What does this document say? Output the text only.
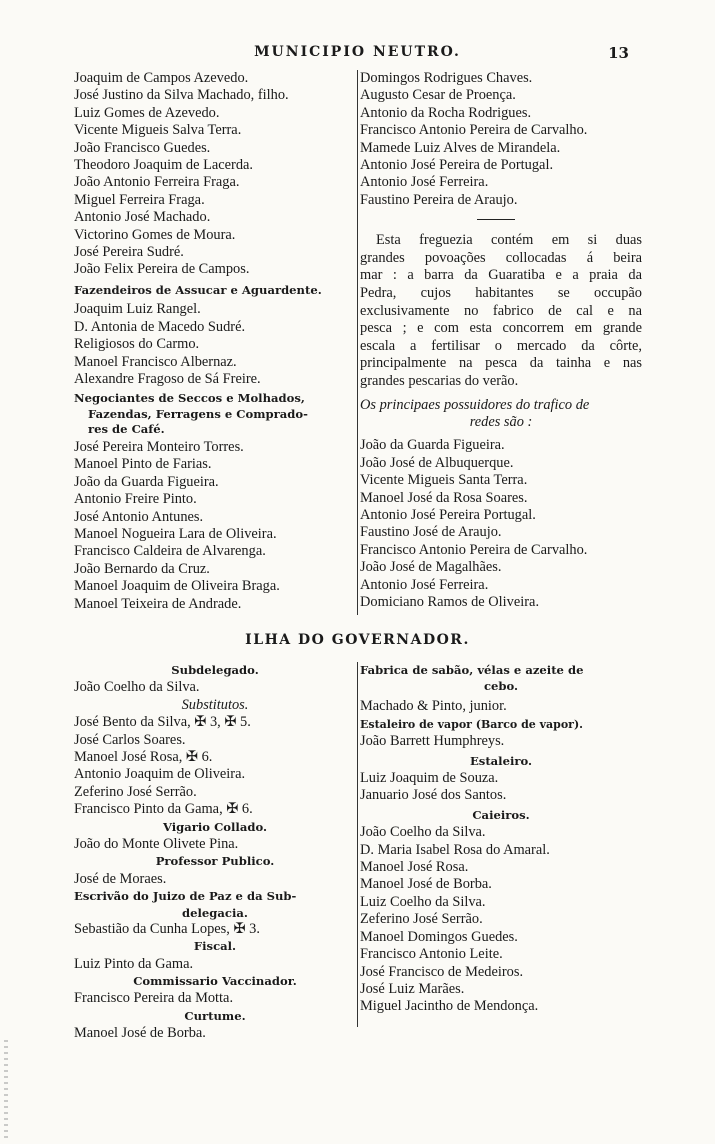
MUNICIPIO NEUTRO.	13
Joaquim de Campos Azevedo.
José Justino da Silva Machado, filho.
Luiz Gomes de Azevedo.
Vicente Migueis Salva Terra.
João Francisco Guedes.
Theodoro Joaquim de Lacerda.
João Antonio Ferreira Fraga.
Miguel Ferreira Fraga.
Antonio José Machado.
Victorino Gomes de Moura.
José Pereira Sudré.
João Felix Pereira de Campos.
Fazendeiros de Assucar e Aguardente.
Joaquim Luiz Rangel.
D. Antonia de Macedo Sudré.
Religiosos do Carmo.
Manoel Francisco Albernaz.
Alexandre Fragoso de Sá Freire.
Negociantes de Seccos e Molhados,
Fazendas, Ferragens e Comprado-
res de Café.
José Pereira Monteiro Torres.
Manoel Pinto de Farias.
João da Guarda Figueira.
Antonio Freire Pinto.
José Antonio Antunes.
Manoel Nogueira Lara de Oliveira.
Francisco Caldeira de Alvarenga.
João Bernardo da Cruz.
Manoel Joaquim de Oliveira Braga.
Manoel Teixeira de Andrade.
Domingos Rodrigues Chaves.
Augusto Cesar de Proença.
Antonio da Rocha Rodrigues.
Francisco Antonio Pereira de Carvalho.
Mamede Luiz Alves de Mirandela.
Antonio José Pereira de Portugal.
Antonio José Ferreira.
Faustino Pereira de Araujo.
Esta freguezia contém em si duas
grandes povoações collocadas á beira
mar : a barra da Guaratiba e a praia da
Pedra, cujos habitantes se occupão
exclusivamente no fabrico de cal e na
pesca ; e com esta concorrem em grande
escala a fertilisar o mercado da côrte,
principalmente na pesca da tainha e nas
grandes pescarias do verão.
Os principaes possuidores do trafico de
redes são :
João da Guarda Figueira.
João José de Albuquerque.
Vicente Migueis Santa Terra.
Manoel José da Rosa Soares.
Antonio José Pereira Portugal.
Faustino José de Araujo.
Francisco Antonio Pereira de Carvalho.
João José de Magalhães.
Antonio José Ferreira.
Domiciano Ramos de Oliveira.
ILHA DO GOVERNADOR.
Subdelegado.
João Coelho da Silva.
Substitutos.
José Bento da Silva, ✠ 3, ✠ 5.
José Carlos Soares.
Manoel José Rosa, ✠ 6.
Antonio Joaquim de Oliveira.
Zeferino José Serrão.
Francisco Pinto da Gama, ✠ 6.
Vigario Collado.
João do Monte Olivete Pina.
Professor Publico.
José de Moraes.
Escrivão do Juizo de Paz e da Sub-
delegacia.
Sebastião da Cunha Lopes, ✠ 3.
Fiscal.
Luiz Pinto da Gama.
Commissario Vaccinador.
Francisco Pereira da Motta.
Curtume.
Manoel José de Borba.
Fabrica de sabão, vélas e azeite de
cebo.
Machado & Pinto, junior.
Estaleiro de vapor (Barco de vapor).
João Barrett Humphreys.
Estaleiro.
Luiz Joaquim de Souza.
Januario José dos Santos.
Caieiros.
João Coelho da Silva.
D. Maria Isabel Rosa do Amaral.
Manoel José Rosa.
Manoel José de Borba.
Luiz Coelho da Silva.
Zeferino José Serrão.
Manoel Domingos Guedes.
Francisco Antonio Leite.
José Francisco de Medeiros.
José Luiz Marães.
Miguel Jacintho de Mendonça.
